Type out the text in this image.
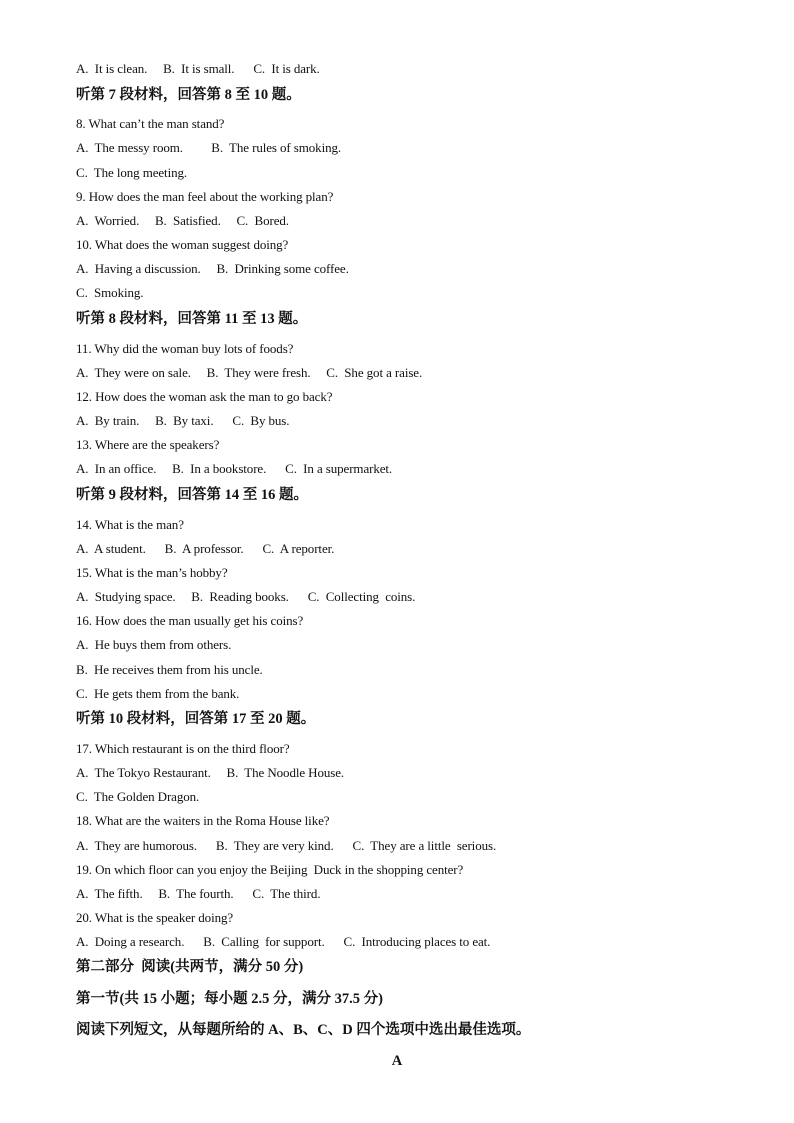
A.  It is clean.     B.  It is small.      C.  It is dark.
听第 7 段材料，回答第 8 至 10 题。
8. What can’t the man stand?
A.  The messy room.         B.  The rules of smoking.
C.  The long meeting.
9. How does the man feel about the working plan?
A.  Worried.     B.  Satisfied.     C.  Bored.
10. What does the woman suggest doing?
A.  Having a discussion.     B.  Drinking some coffee.
C.  Smoking.
听第 8 段材料，回答第 11 至 13 题。
11. Why did the woman buy lots of foods?
A.  They were on sale.     B.  They were fresh.     C.  She got a raise.
12. How does the woman ask the man to go back?
A.  By train.     B.  By taxi.      C.  By bus.
13. Where are the speakers?
A.  In an office.     B.  In a bookstore.      C.  In a supermarket.
听第 9 段材料，回答第 14 至 16 题。
14. What is the man?
A.  A student.      B.  A professor.      C.  A reporter.
15. What is the man’s hobby?
A.  Studying space.     B.  Reading books.      C.  Collecting  coins.
16. How does the man usually get his coins?
A.  He buys them from others.
B.  He receives them from his uncle.
C.  He gets them from the bank.
听第 10 段材料，回答第 17 至 20 题。
17. Which restaurant is on the third floor?
A.  The Tokyo Restaurant.     B.  The Noodle House.
C.  The Golden Dragon.
18. What are the waiters in the Roma House like?
A.  They are humorous.      B.  They are very kind.      C.  They are a little  serious.
19. On which floor can you enjoy the Beijing  Duck in the shopping center?
A.  The fifth.     B.  The fourth.      C.  The third.
20. What is the speaker doing?
A.  Doing a research.      B.  Calling  for support.      C.  Introducing places to eat.
第二部分  阅读(共两节，满分 50 分)
第一节(共 15 小题；每小题 2.5 分，满分 37.5 分)
阅读下列短文，从每题所给的 A、B、C、D 四个选项中选出最佳选项。
A
